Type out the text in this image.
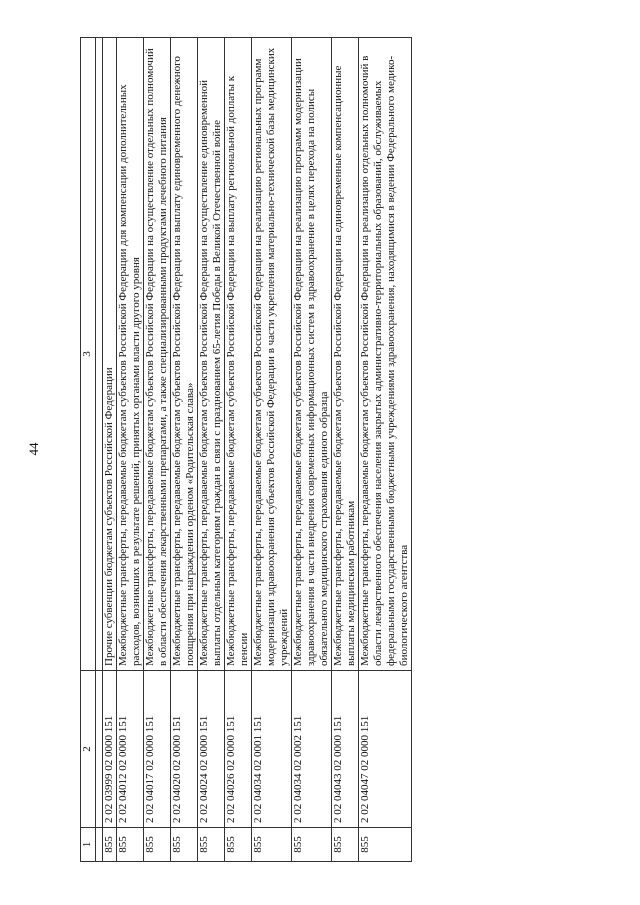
44
1	2	3

855	2 02 03999 02 0000 151	Прочие субвенции бюджетам субъектов Российской Федерации
855	2 02 04012 02 0000 151	Межбюджетные трансферты, передаваемые бюджетам субъектов Российской Федерации для компенсации дополнительных расходов, возникших в результате решений, принятых органами власти другого уровня
855	2 02 04017 02 0000 151	Межбюджетные трансферты, передаваемые бюджетам субъектов Российской Федерации на осуществление отдельных полномочий в области обеспечения лекарственными препаратами, а также специализированными продуктами лечебного питания
855	2 02 04020 02 0000 151	Межбюджетные трансферты, передаваемые бюджетам субъектов Российской Федерации на выплату единовременного денежного поощрения при награждении орденом «Родительская слава»
855	2 02 04024 02 0000 151	Межбюджетные трансферты, передаваемые бюджетам субъектов Российской Федерации на осуществление единовременной выплаты отдельным категориям граждан в связи с празднованием 65-летия Победы в Великой Отечественной войне
855	2 02 04026 02 0000 151	Межбюджетные трансферты, передаваемые бюджетам субъектов Российской Федерации на выплату региональной доплаты к пенсии
855	2 02 04034 02 0001 151	Межбюджетные трансферты, передаваемые бюджетам субъектов Российской Федерации на реализацию региональных программ модернизации здравоохранения субъектов Российской Федерации в части укрепления материально-технической базы медицинских учреждений
855	2 02 04034 02 0002 151	Межбюджетные трансферты, передаваемые бюджетам субъектов Российской Федерации на реализацию программ модернизации здравоохранения в части внедрения современных информационных систем в здравоохранение в целях перехода на полисы обязательного медицинского страхования единого образца
855	2 02 04043 02 0000 151	Межбюджетные трансферты, передаваемые бюджетам субъектов Российской Федерации на единовременные компенсационные выплаты медицинским работникам
855	2 02 04047 02 0000 151	Межбюджетные трансферты, передаваемые бюджетам субъектов Российской Федерации на реализацию отдельных полномочий в области лекарственного обеспечения населения закрытых административно-территориальных образований, обслуживаемых федеральными государственными бюджетными учреждениями здравоохранения, находящимися в ведении Федерального медико-биологического агентства
